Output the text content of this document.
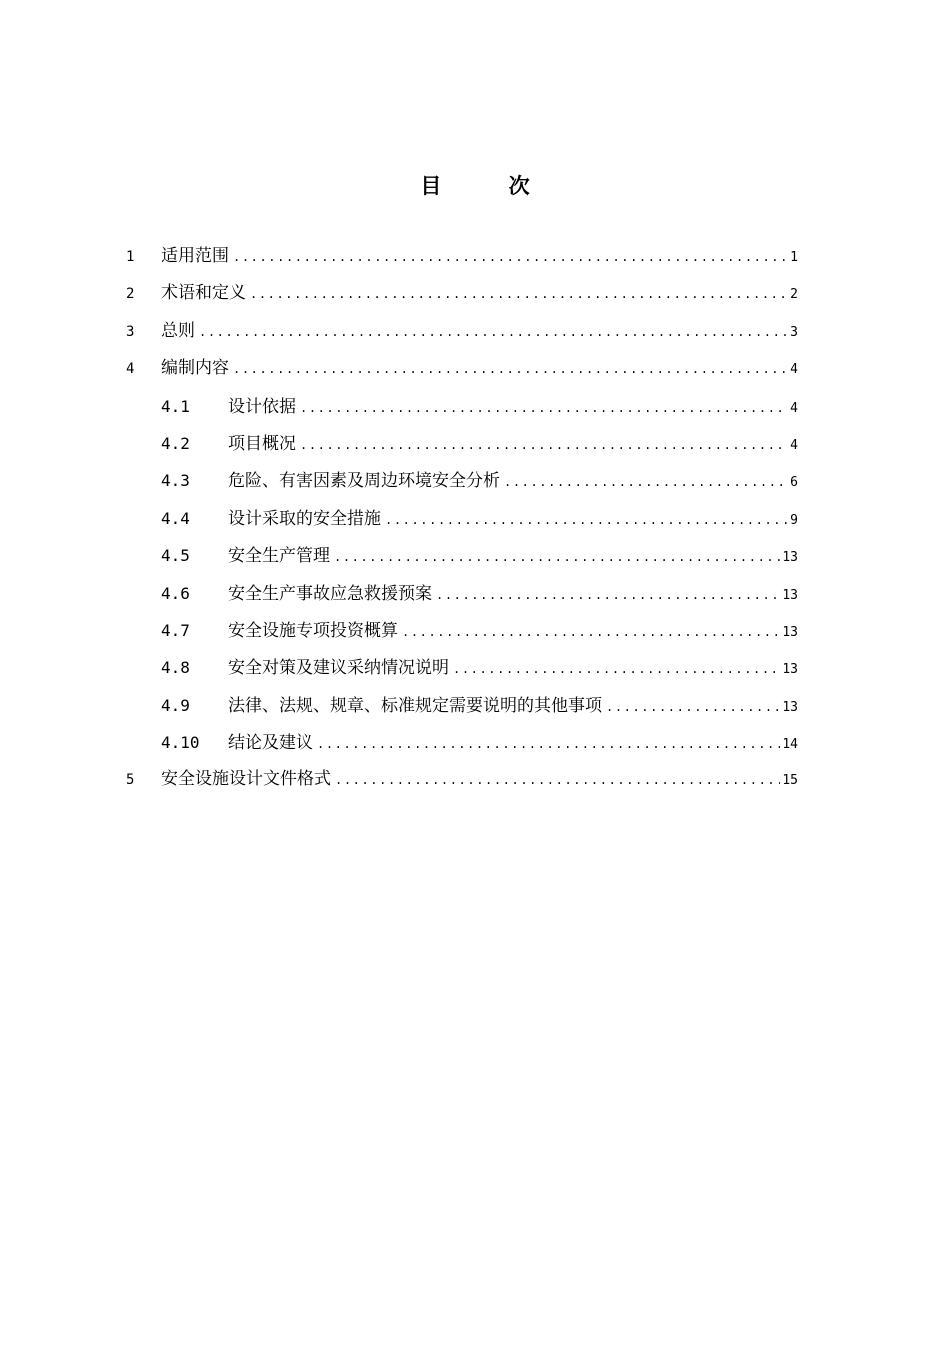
目 次
1	适用范围 .....	1
2	术语和定义 .....	2
3	总则 .....	3
4	编制内容 .....	4
4.1	设计依据 .....	4
4.2	项目概况 .....	4
4.3	危险、有害因素及周边环境安全分析 .....	6
4.4	设计采取的安全措施 .....	9
4.5	安全生产管理 .....	13
4.6	安全生产事故应急救援预案 .....	13
4.7	安全设施专项投资概算 .....	13
4.8	安全对策及建议采纳情况说明 .....	13
4.9	法律、法规、规章、标准规定需要说明的其他事项 .....	13
4.10	结论及建议 .....	14
5	安全设施设计文件格式 .....	15
